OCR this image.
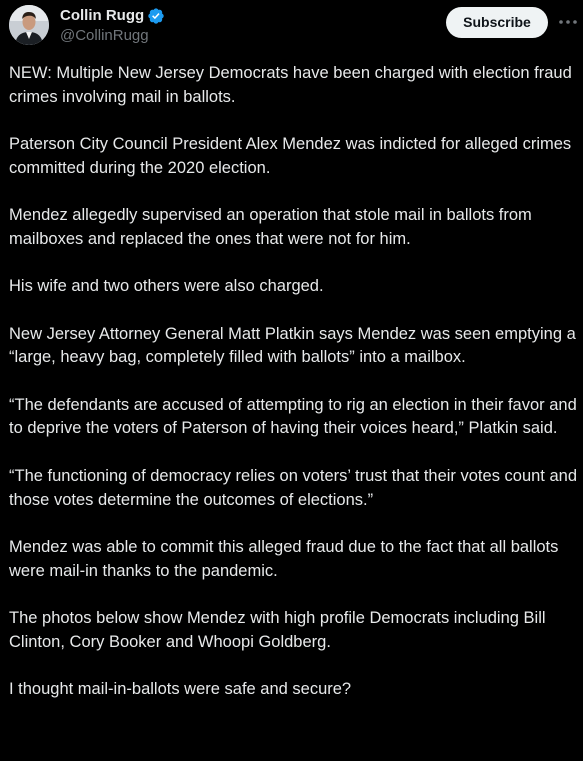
Collin Rugg
@CollinRugg
Subscribe

NEW: Multiple New Jersey Democrats have been charged with election fraud crimes involving mail in ballots.

Paterson City Council President Alex Mendez was indicted for alleged crimes committed during the 2020 election.

Mendez allegedly supervised an operation that stole mail in ballots from mailboxes and replaced the ones that were not for him.

His wife and two others were also charged.

New Jersey Attorney General Matt Platkin says Mendez was seen emptying a “large, heavy bag, completely filled with ballots” into a mailbox.

“The defendants are accused of attempting to rig an election in their favor and to deprive the voters of Paterson of having their voices heard,” Platkin said.

“The functioning of democracy relies on voters’ trust that their votes count and those votes determine the outcomes of elections.”

Mendez was able to commit this alleged fraud due to the fact that all ballots were mail-in thanks to the pandemic.

The photos below show Mendez with high profile Democrats including Bill Clinton, Cory Booker and Whoopi Goldberg.

I thought mail-in-ballots were safe and secure?
